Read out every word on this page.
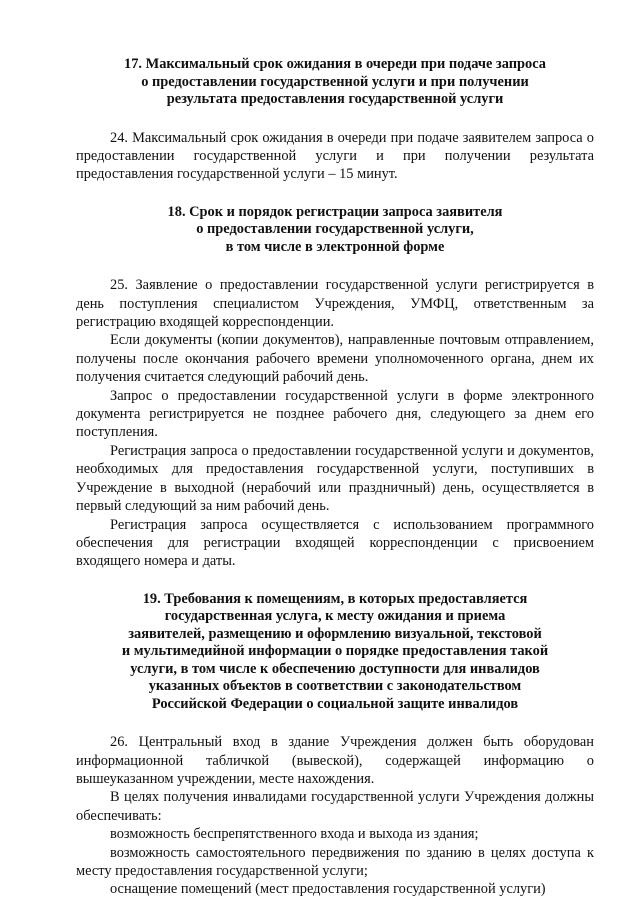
17. Максимальный срок ожидания в очереди при подаче запроса
о предоставлении государственной услуги и при получении
результата предоставления государственной услуги

24. Максимальный срок ожидания в очереди при подаче заявителем запроса о предоставлении государственной услуги и при получении результата предоставления государственной услуги – 15 минут.

18. Срок и порядок регистрации запроса заявителя
о предоставлении государственной услуги,
в том числе в электронной форме

25. Заявление о предоставлении государственной услуги регистрируется в день поступления специалистом Учреждения, УМФЦ, ответственным за регистрацию входящей корреспонденции.

Если документы (копии документов), направленные почтовым отправлением, получены после окончания рабочего времени уполномоченного органа, днем их получения считается следующий рабочий день.

Запрос о предоставлении государственной услуги в форме электронного документа регистрируется не позднее рабочего дня, следующего за днем его поступления.

Регистрация запроса о предоставлении государственной услуги и документов, необходимых для предоставления государственной услуги, поступивших в Учреждение в выходной (нерабочий или праздничный) день, осуществляется в первый следующий за ним рабочий день.

Регистрация запроса осуществляется с использованием программного обеспечения для регистрации входящей корреспонденции с присвоением входящего номера и даты.

19. Требования к помещениям, в которых предоставляется
государственная услуга, к месту ожидания и приема
заявителей, размещению и оформлению визуальной, текстовой
и мультимедийной информации о порядке предоставления такой
услуги, в том числе к обеспечению доступности для инвалидов
указанных объектов в соответствии с законодательством
Российской Федерации о социальной защите инвалидов

26. Центральный вход в здание Учреждения должен быть оборудован информационной табличкой (вывеской), содержащей информацию о вышеуказанном учреждении, месте нахождения.

В целях получения инвалидами государственной услуги Учреждения должны обеспечивать:

возможность беспрепятственного входа и выхода из здания;

возможность самостоятельного передвижения по зданию в целях доступа к месту предоставления государственной услуги;

оснащение помещений (мест предоставления государственной услуги)
